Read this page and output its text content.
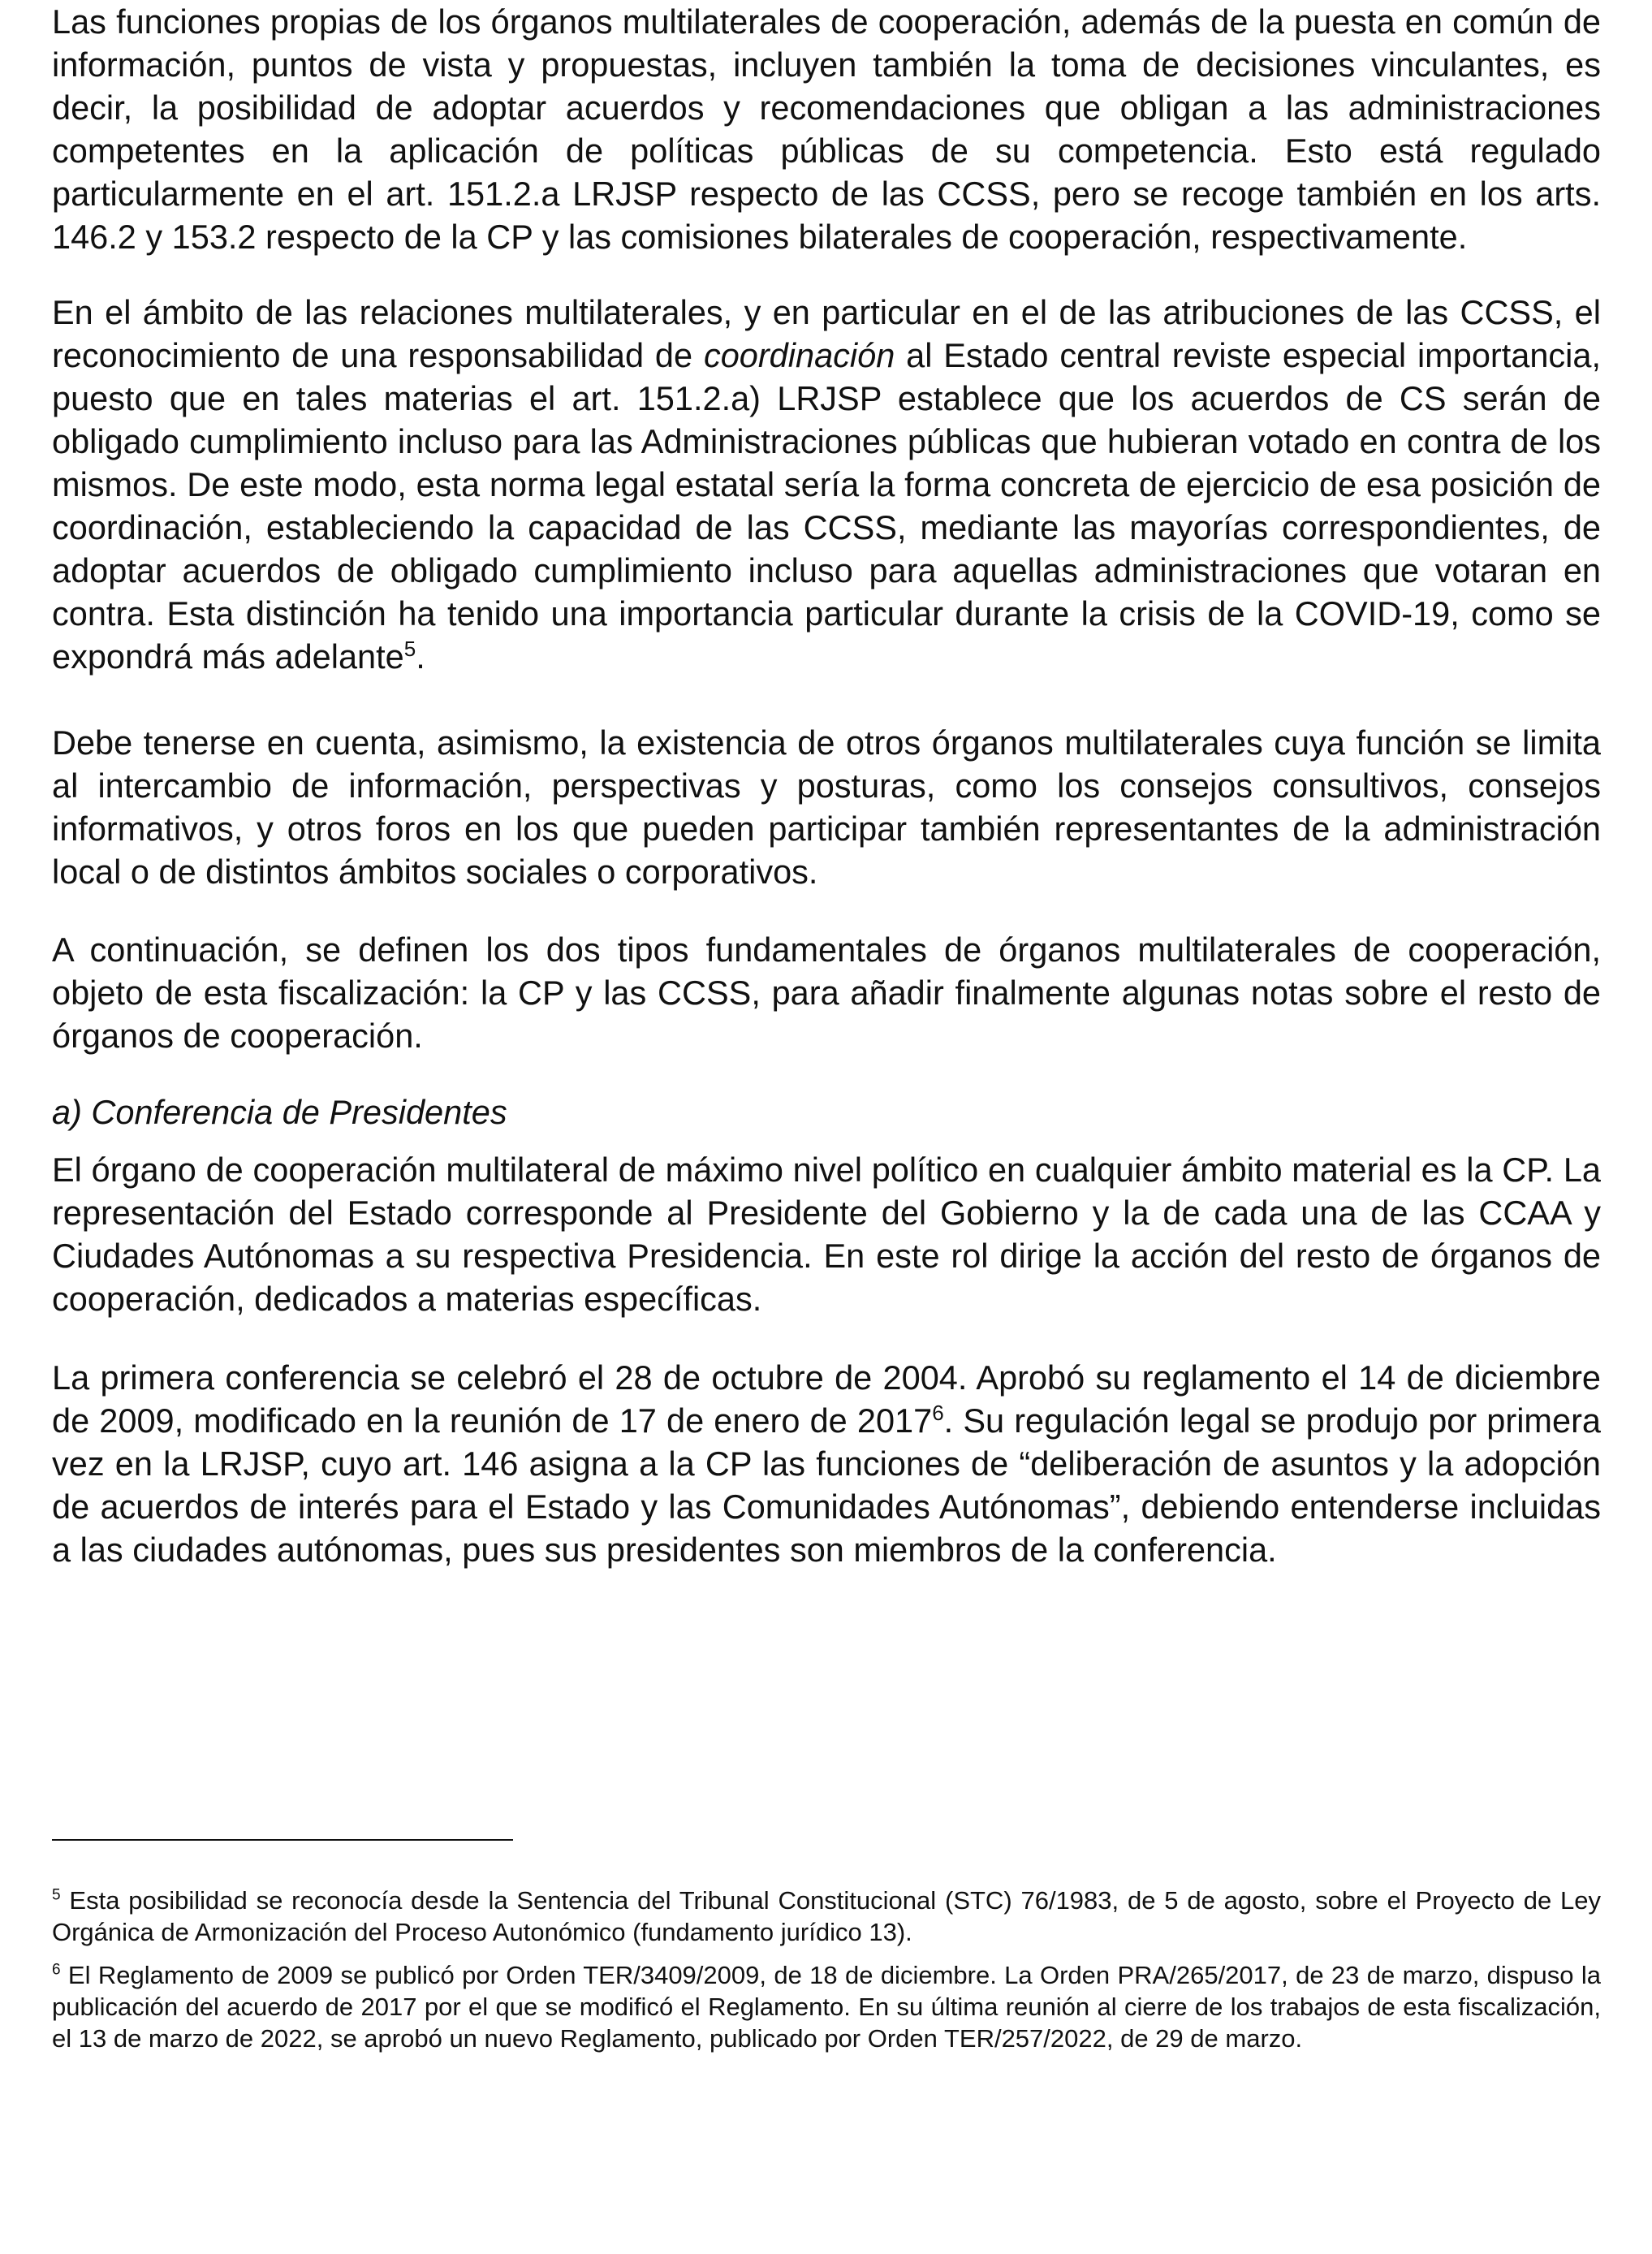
Las funciones propias de los órganos multilaterales de cooperación, además de la puesta en común de información, puntos de vista y propuestas, incluyen también la toma de decisiones vinculantes, es decir, la posibilidad de adoptar acuerdos y recomendaciones que obligan a las administraciones competentes en la aplicación de políticas públicas de su competencia. Esto está regulado particularmente en el art. 151.2.a LRJSP respecto de las CCSS, pero se recoge también en los arts. 146.2 y 153.2 respecto de la CP y las comisiones bilaterales de cooperación, respectivamente.

En el ámbito de las relaciones multilaterales, y en particular en el de las atribuciones de las CCSS, el reconocimiento de una responsabilidad de coordinación al Estado central reviste especial importancia, puesto que en tales materias el art. 151.2.a) LRJSP establece que los acuerdos de CS serán de obligado cumplimiento incluso para las Administraciones públicas que hubieran votado en contra de los mismos. De este modo, esta norma legal estatal sería la forma concreta de ejercicio de esa posición de coordinación, estableciendo la capacidad de las CCSS, mediante las mayorías correspondientes, de adoptar acuerdos de obligado cumplimiento incluso para aquellas administraciones que votaran en contra. Esta distinción ha tenido una importancia particular durante la crisis de la COVID-19, como se expondrá más adelante$^5$.

Debe tenerse en cuenta, asimismo, la existencia de otros órganos multilaterales cuya función se limita al intercambio de información, perspectivas y posturas, como los consejos consultivos, consejos informativos, y otros foros en los que pueden participar también representantes de la administración local o de distintos ámbitos sociales o corporativos.

A continuación, se definen los dos tipos fundamentales de órganos multilaterales de cooperación, objeto de esta fiscalización: la CP y las CCSS, para añadir finalmente algunas notas sobre el resto de órganos de cooperación.

a) Conferencia de Presidentes

El órgano de cooperación multilateral de máximo nivel político en cualquier ámbito material es la CP. La representación del Estado corresponde al Presidente del Gobierno y la de cada una de las CCAA y Ciudades Autónomas a su respectiva Presidencia. En este rol dirige la acción del resto de órganos de cooperación, dedicados a materias específicas.

La primera conferencia se celebró el 28 de octubre de 2004. Aprobó su reglamento el 14 de diciembre de 2009, modificado en la reunión de 17 de enero de 2017$^6$. Su regulación legal se produjo por primera vez en la LRJSP, cuyo art. 146 asigna a la CP las funciones de “deliberación de asuntos y la adopción de acuerdos de interés para el Estado y las Comunidades Autónomas”, debiendo entenderse incluidas a las ciudades autónomas, pues sus presidentes son miembros de la conferencia.

$^5$ Esta posibilidad se reconocía desde la Sentencia del Tribunal Constitucional (STC) 76/1983, de 5 de agosto, sobre el Proyecto de Ley Orgánica de Armonización del Proceso Autonómico (fundamento jurídico 13).

$^6$ El Reglamento de 2009 se publicó por Orden TER/3409/2009, de 18 de diciembre. La Orden PRA/265/2017, de 23 de marzo, dispuso la publicación del acuerdo de 2017 por el que se modificó el Reglamento. En su última reunión al cierre de los trabajos de esta fiscalización, el 13 de marzo de 2022, se aprobó un nuevo Reglamento, publicado por Orden TER/257/2022, de 29 de marzo.
